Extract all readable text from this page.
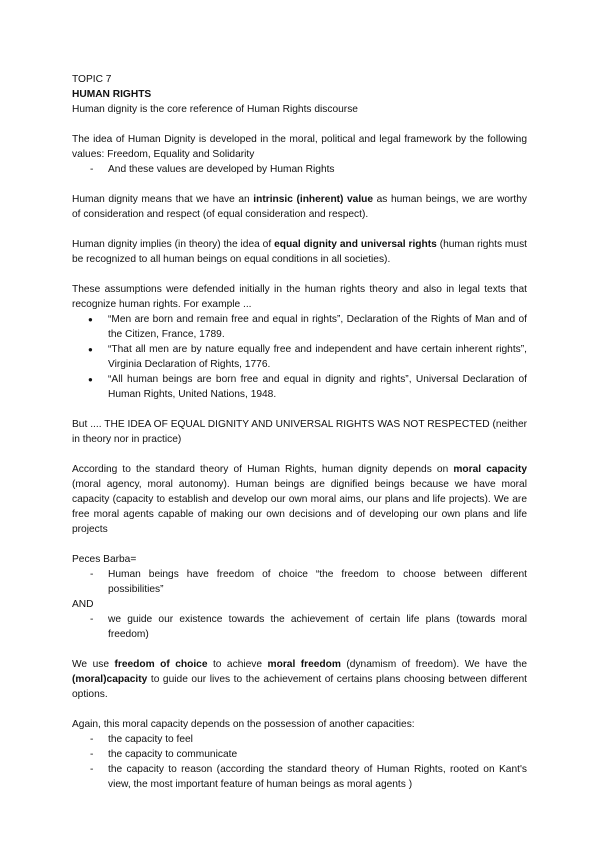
TOPIC 7

HUMAN RIGHTS

Human dignity is the core reference of Human Rights discourse

The idea of Human Dignity is developed in the moral, political and legal framework by the following values: Freedom, Equality and Solidarity

- And these values are developed by Human Rights

Human dignity means that we have an intrinsic (inherent) value as human beings, we are worthy of consideration and respect (of equal consideration and respect).

Human dignity implies (in theory) the idea of equal dignity and universal rights (human rights must be recognized to all human beings on equal conditions in all societies).

These assumptions were defended initially in the human rights theory and also in legal texts that recognize human rights. For example ...

● “Men are born and remain free and equal in rights”, Declaration of the Rights of Man and of the Citizen, France, 1789.
● “That all men are by nature equally free and independent and have certain inherent rights”, Virginia Declaration of Rights, 1776.
● “All human beings are born free and equal in dignity and rights”, Universal Declaration of Human Rights, United Nations, 1948.

But .... THE IDEA OF EQUAL DIGNITY AND UNIVERSAL RIGHTS WAS NOT RESPECTED (neither in theory nor in practice)

According to the standard theory of Human Rights, human dignity depends on moral capacity (moral agency, moral autonomy). Human beings are dignified beings because we have moral capacity (capacity to establish and develop our own moral aims, our plans and life projects). We are free moral agents capable of making our own decisions and of developing our own plans and life projects

Peces Barba=

- Human beings have freedom of choice “the freedom to choose between different possibilities”

AND

- we guide our existence towards the achievement of certain life plans (towards moral freedom)

We use freedom of choice to achieve moral freedom (dynamism of freedom). We have the (moral)capacity to guide our lives to the achievement of certains plans choosing between different options.

Again, this moral capacity depends on the possession of another capacities:

- the capacity to feel
- the capacity to communicate
- the capacity to reason (according the standard theory of Human Rights, rooted on Kant's view, the most important feature of human beings as moral agents )
